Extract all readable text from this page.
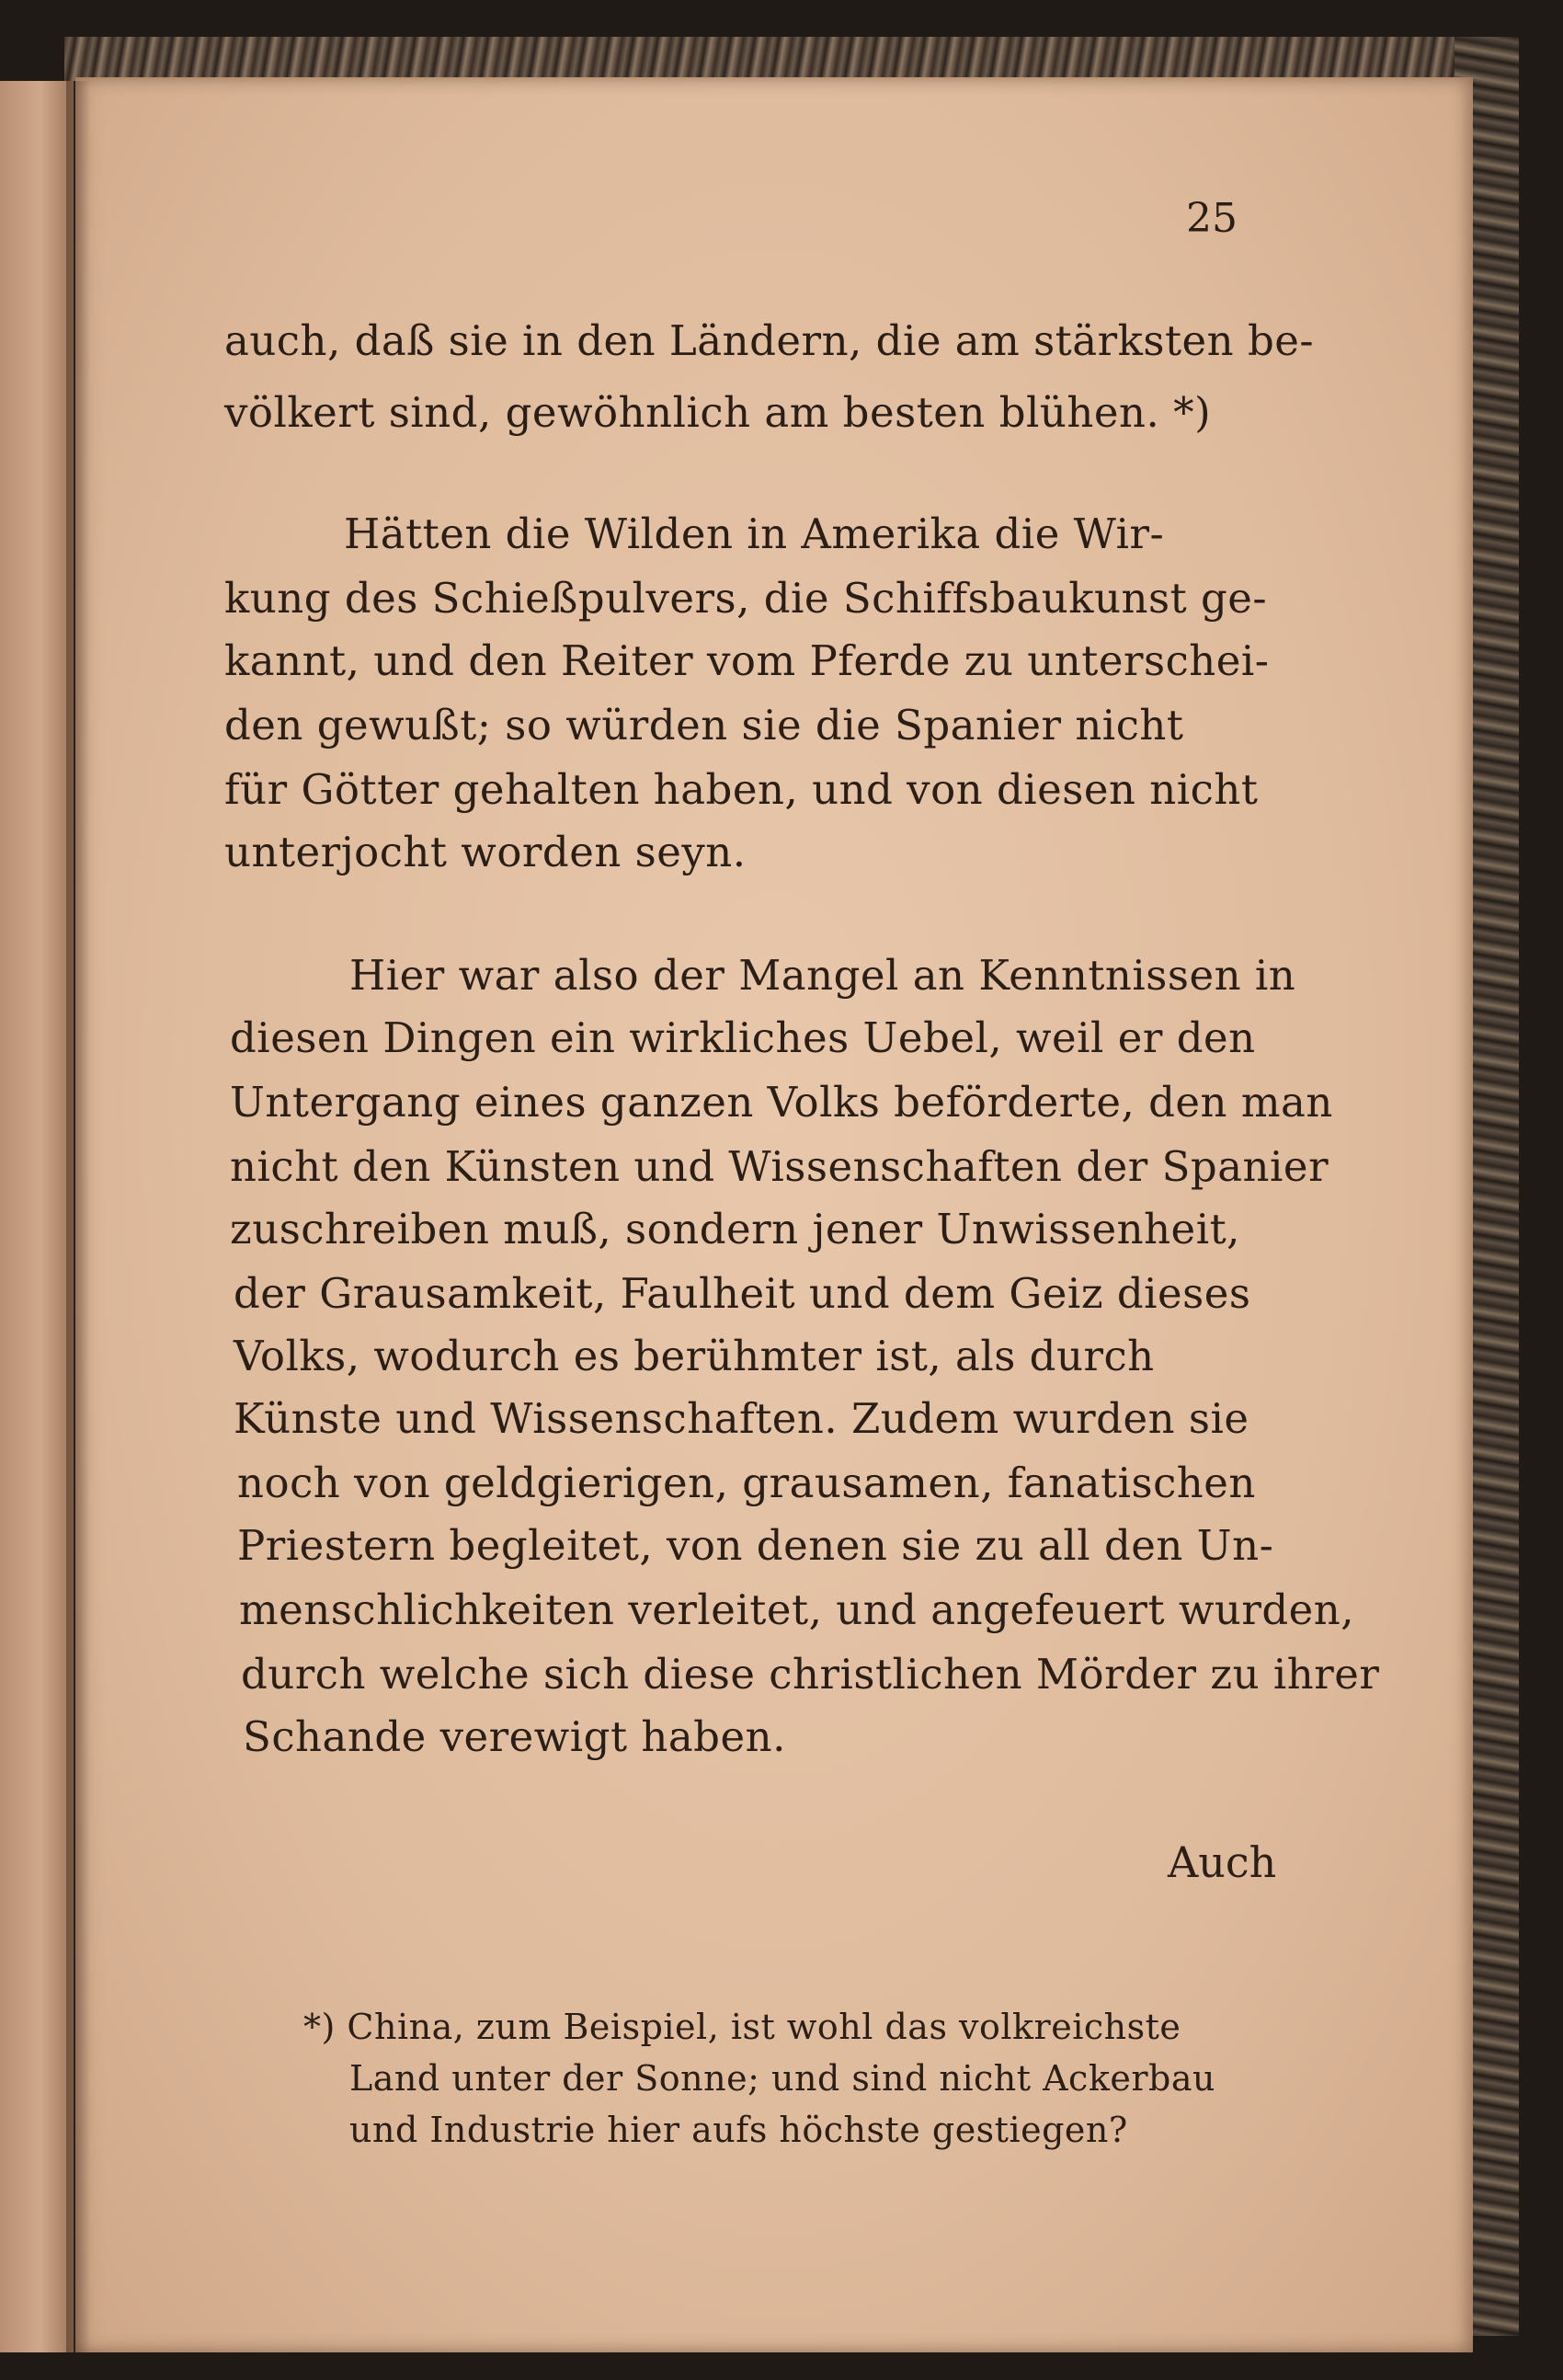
25
auch, daß sie in den Ländern, die am stärksten be-
völkert sind, gewöhnlich am besten blühen. *)
Hätten die Wilden in Amerika die Wir-
kung des Schießpulvers, die Schiffsbaukunst ge-
kannt, und den Reiter vom Pferde zu unterschei-
den gewußt; so würden sie die Spanier nicht
für Götter gehalten haben, und von diesen nicht
unterjocht worden seyn.
Hier war also der Mangel an Kenntnissen in
diesen Dingen ein wirkliches Uebel, weil er den
Untergang eines ganzen Volks beförderte, den man
nicht den Künsten und Wissenschaften der Spanier
zuschreiben muß, sondern jener Unwissenheit,
der Grausamkeit, Faulheit und dem Geiz dieses
Volks, wodurch es berühmter ist, als durch
Künste und Wissenschaften. Zudem wurden sie
noch von geldgierigen, grausamen, fanatischen
Priestern begleitet, von denen sie zu all den Un-
menschlichkeiten verleitet, und angefeuert wurden,
durch welche sich diese christlichen Mörder zu ihrer
Schande verewigt haben.
Auch
*) China, zum Beispiel, ist wohl das volkreichste
Land unter der Sonne; und sind nicht Ackerbau
und Industrie hier aufs höchste gestiegen?
